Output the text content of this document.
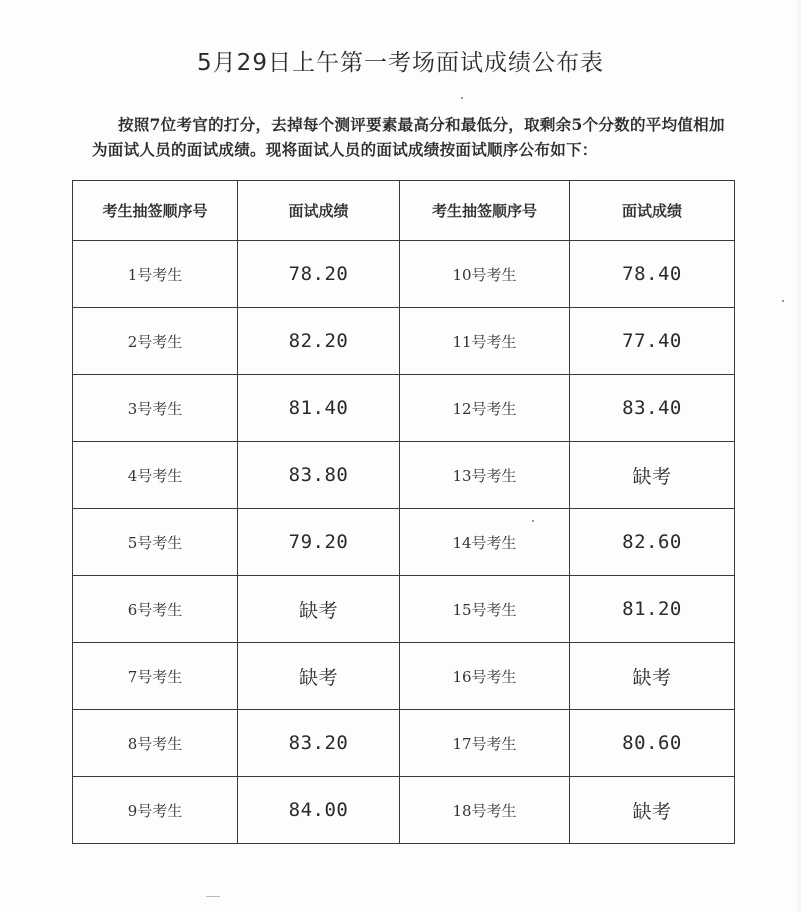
5月29日上午第一考场面试成绩公布表
按照7位考官的打分，去掉每个测评要素最高分和最低分，取剩余5个分数的平均值相加为面试人员的面试成绩。现将面试人员的面试成绩按面试顺序公布如下：
考生抽签顺序号	面试成绩	考生抽签顺序号	面试成绩
1号考生	78.20	10号考生	78.40
2号考生	82.20	11号考生	77.40
3号考生	81.40	12号考生	83.40
4号考生	83.80	13号考生	缺考
5号考生	79.20	14号考生	82.60
6号考生	缺考	15号考生	81.20
7号考生	缺考	16号考生	缺考
8号考生	83.20	17号考生	80.60
9号考生	84.00	18号考生	缺考
